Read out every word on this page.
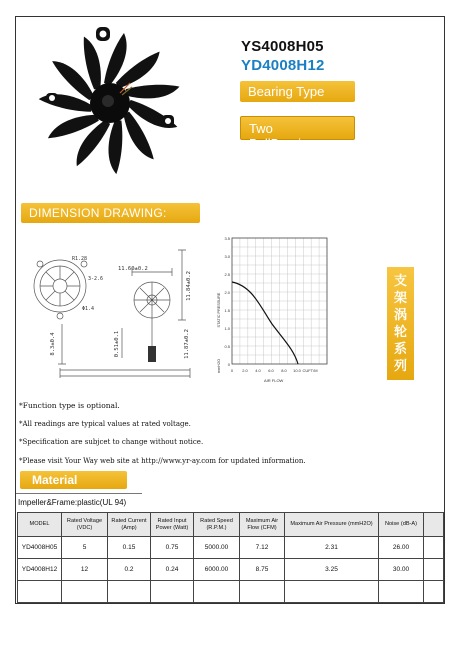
YS4008H05
YD4008H12
Bearing Type
Two BallBearings
DIMENSION DRAWING:
R1.28
3-2.6
Φ1.4
11.60±0.2
11.84±0.2
8.3±0.4	0.51±0.1	11.87±0.2
3.5
3.0
2.5
2.0
1.5
1.0
0.5
0
0 2.0 4.0 6.0 8.0 10.0 CUFT/M
STATIC PRESSURE
mmH2O
AIR FLOW
支
架
涡
轮
系
列
*Function type is optional.
*All readings are typical values at rated voltage.
*Specification are subjcet to change without notice.
*Please visit Your Way web site at http://www.yr-ay.com for updated information.
Material
Impeller&Frame:plastic(UL 94)
MODEL	Rated Voltage (VDC)	Rated Current (Amp)	Rated Input Power (Watt)	Rated Speed (R.P.M.)	Maximum Air Flow (CFM)	Maximum Air Pressure (mmH2O)	Noise (dB-A)	
YD4008H05	5	0.15	0.75	5000.00	7.12	2.31	26.00	
YD4008H12	12	0.2	0.24	6000.00	8.75	3.25	30.00	
